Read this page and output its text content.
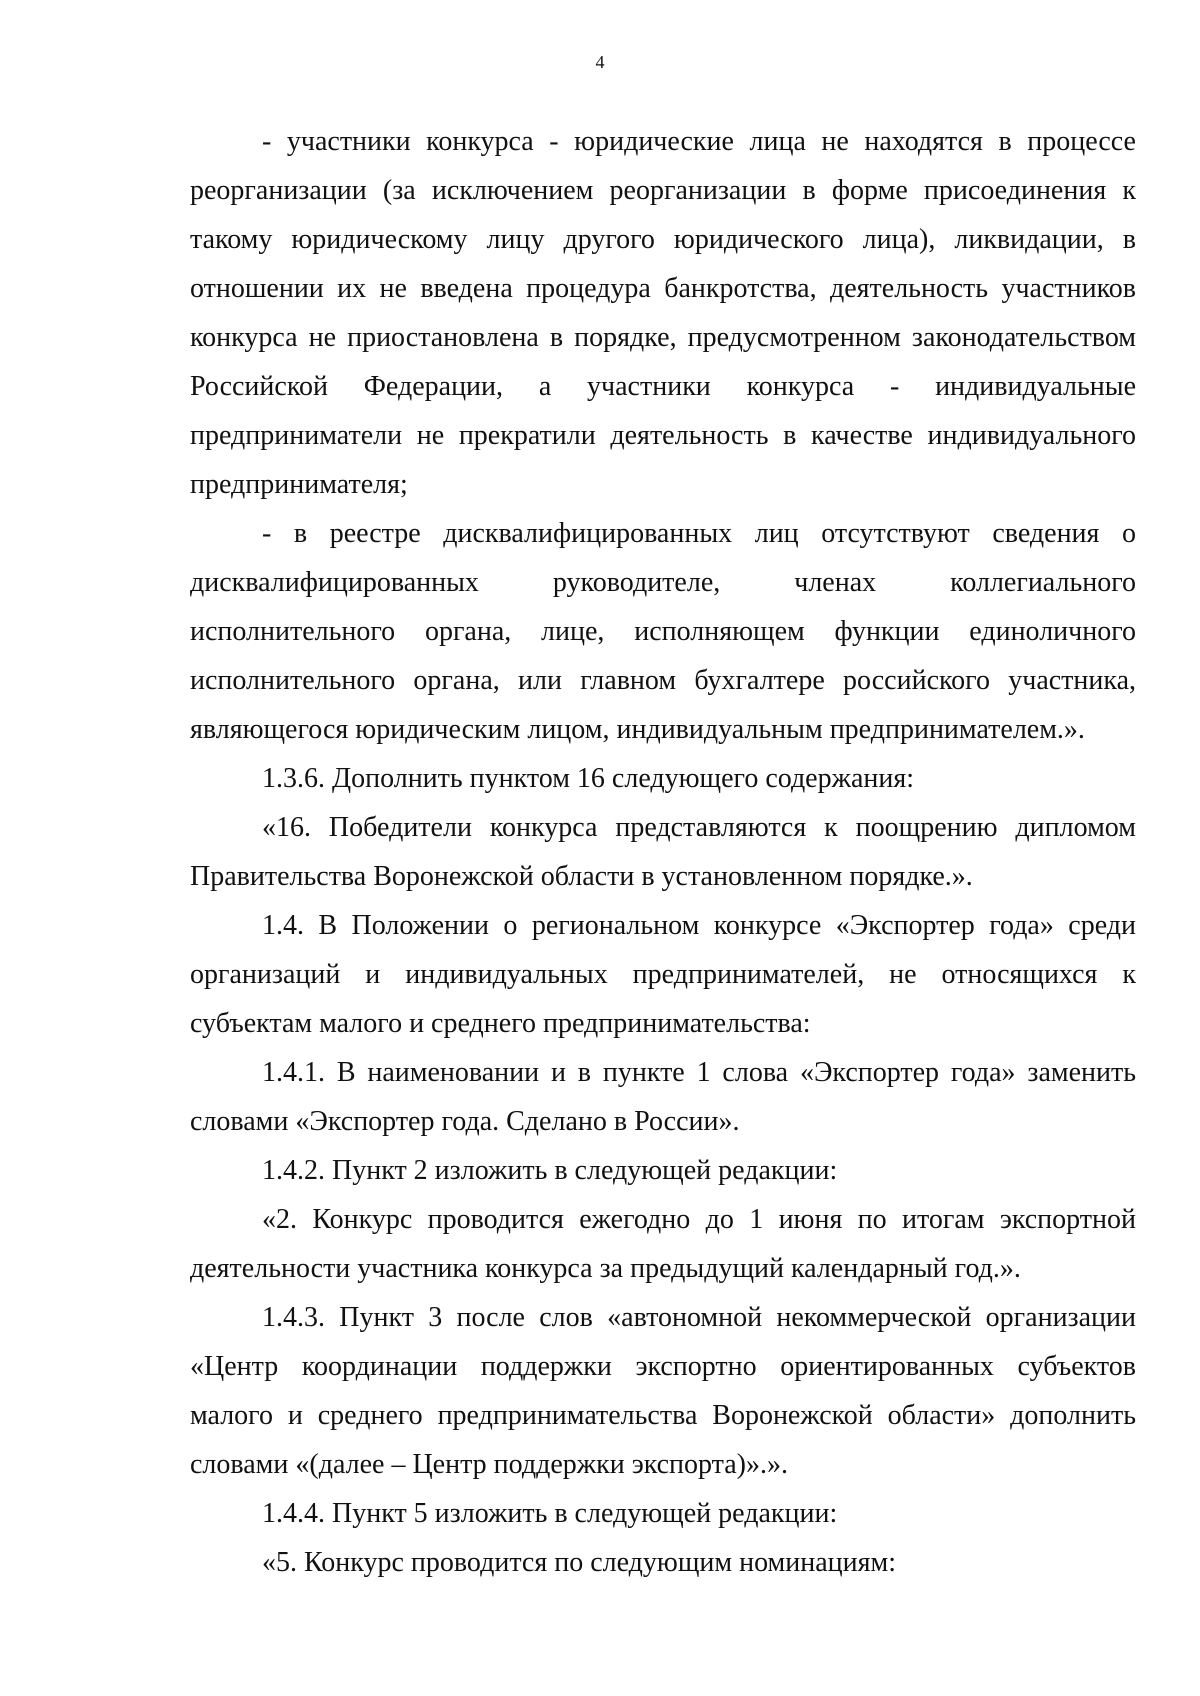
4

- участники конкурса - юридические лица не находятся в процессе реорганизации (за исключением реорганизации в форме присоединения к такому юридическому лицу другого юридического лица), ликвидации, в отношении их не введена процедура банкротства, деятельность участников конкурса не приостановлена в порядке, предусмотренном законодательством Российской Федерации, а участники конкурса - индивидуальные предприниматели не прекратили деятельность в качестве индивидуального предпринимателя;

- в реестре дисквалифицированных лиц отсутствуют сведения о дисквалифицированных руководителе, членах коллегиального исполнительного органа, лице, исполняющем функции единоличного исполнительного органа, или главном бухгалтере российского участника, являющегося юридическим лицом, индивидуальным предпринимателем.».

1.3.6. Дополнить пунктом 16 следующего содержания:

«16. Победители конкурса представляются к поощрению дипломом Правительства Воронежской области в установленном порядке.».

1.4. В Положении о региональном конкурсе «Экспортер года» среди организаций и индивидуальных предпринимателей, не относящихся к субъектам малого и среднего предпринимательства:

1.4.1. В наименовании и в пункте 1 слова «Экспортер года» заменить словами «Экспортер года. Сделано в России».

1.4.2. Пункт 2 изложить в следующей редакции:

«2. Конкурс проводится ежегодно до 1 июня по итогам экспортной деятельности участника конкурса за предыдущий календарный год.».

1.4.3. Пункт 3 после слов «автономной некоммерческой организации «Центр координации поддержки экспортно ориентированных субъектов малого и среднего предпринимательства Воронежской области» дополнить словами «(далее – Центр поддержки экспорта)».».

1.4.4. Пункт 5 изложить в следующей редакции:

«5. Конкурс проводится по следующим номинациям:
